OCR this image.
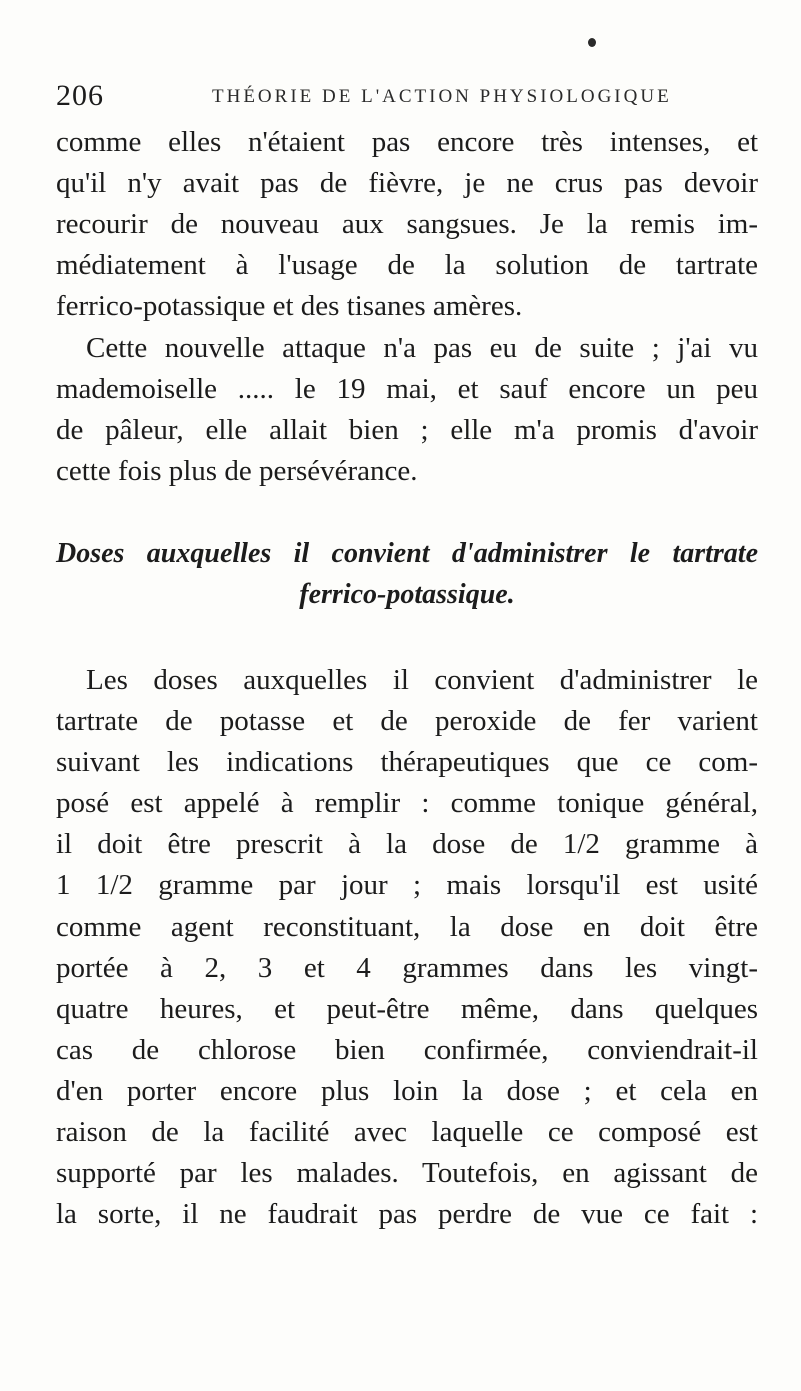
206	THÉORIE DE L'ACTION PHYSIOLOGIQUE
comme elles n'étaient pas encore très intenses, et
qu'il n'y avait pas de fièvre, je ne crus pas devoir
recourir de nouveau aux sangsues. Je la remis im-
médiatement à l'usage de la solution de tartrate
ferrico-potassique et des tisanes amères.
Cette nouvelle attaque n'a pas eu de suite ; j'ai vu
mademoiselle ..... le 19 mai, et sauf encore un peu
de pâleur, elle allait bien ; elle m'a promis d'avoir
cette fois plus de persévérance.
Doses auxquelles il convient d'administrer le tartrate
ferrico-potassique.
Les doses auxquelles il convient d'administrer le
tartrate de potasse et de peroxide de fer varient
suivant les indications thérapeutiques que ce com-
posé est appelé à remplir : comme tonique général,
il doit être prescrit à la dose de 1/2 gramme à
1 1/2 gramme par jour ; mais lorsqu'il est usité
comme agent reconstituant, la dose en doit être
portée à 2, 3 et 4 grammes dans les vingt-
quatre heures, et peut-être même, dans quelques
cas de chlorose bien confirmée, conviendrait-il
d'en porter encore plus loin la dose ; et cela en
raison de la facilité avec laquelle ce composé est
supporté par les malades. Toutefois, en agissant de
la sorte, il ne faudrait pas perdre de vue ce fait :
